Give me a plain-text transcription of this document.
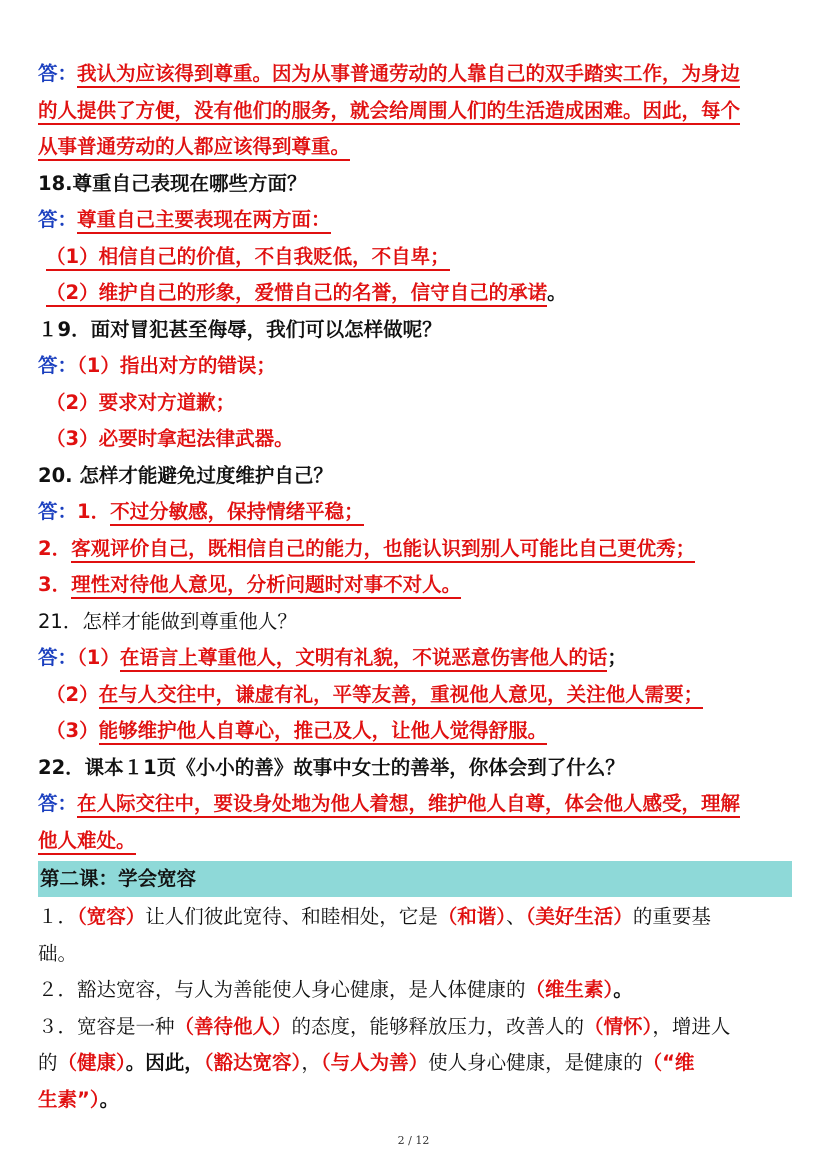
答：我认为应该得到尊重。因为从事普通劳动的人靠自己的双手踏实工作，为身边
的人提供了方便，没有他们的服务，就会给周围人们的生活造成困难。因此，每个
从事普通劳动的人都应该得到尊重。
18.尊重自己表现在哪些方面？
答：尊重自己主要表现在两方面：
（1）相信自己的价值，不自我贬低，不自卑；
（2）维护自己的形象，爱惜自己的名誉，信守自己的承诺。
１9．面对冒犯甚至侮辱，我们可以怎样做呢？
答：（1）指出对方的错误；
（2）要求对方道歉；
（3）必要时拿起法律武器。
20. 怎样才能避免过度维护自己？
答：1．不过分敏感，保持情绪平稳；
2．客观评价自己，既相信自己的能力，也能认识到别人可能比自己更优秀；
3．理性对待他人意见，分析问题时对事不对人。
21．怎样才能做到尊重他人？
答：（1）在语言上尊重他人，文明有礼貌，不说恶意伤害他人的话；
（2）在与人交往中，谦虚有礼，平等友善，重视他人意见，关注他人需要；
（3）能够维护他人自尊心，推己及人，让他人觉得舒服。
22．课本１1页《小小的善》故事中女士的善举，你体会到了什么？
答：在人际交往中，要设身处地为他人着想，维护他人自尊，体会他人感受，理解
他人难处。
第二课：学会宽容
１．（宽容）让人们彼此宽待、和睦相处，它是（和谐）、（美好生活）的重要基
础。
２．豁达宽容，与人为善能使人身心健康，是人体健康的（维生素）。
３．宽容是一种（善待他人）的态度，能够释放压力，改善人的（情怀），增进人
的（健康）。因此，（豁达宽容），（与人为善）使人身心健康，是健康的（“维
生素”）。
2 / 12
